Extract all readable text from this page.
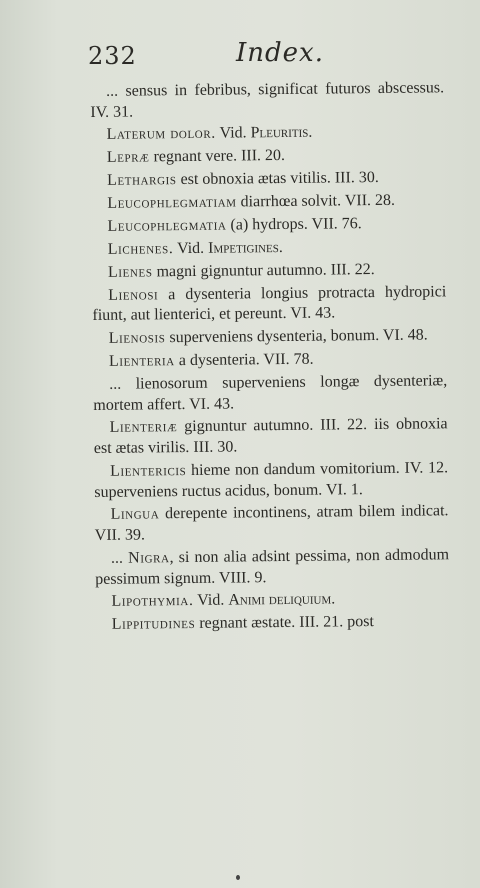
232	Index.

... sensus in febribus, significat futuros abscessus. IV. 31.

Laterum dolor. Vid. Pleuritis.

Lepræ regnant vere. III. 20.

Lethargis est obnoxia ætas vitilis. III. 30.

Leucophlegmatiam diarrhœa solvit. VII. 28.

Leucophlegmatia (a) hydrops. VII. 76.

Lichenes. Vid. Impetigines.

Lienes magni gignuntur autumno. III. 22.

Lienosi a dysenteria longius protracta hydropici fiunt, aut lienterici, et pereunt. VI. 43.

Lienosis superveniens dysenteria, bonum. VI. 48.

Lienteria a dysenteria. VII. 78.

... lienosorum superveniens longæ dysenteriæ, mortem affert. VI. 43.

Lienteriæ gignuntur autumno. III. 22. iis obnoxia est ætas virilis. III. 30.

Lientericis hieme non dandum vomitorium. IV. 12. superveniens ructus acidus, bonum. VI. 1.

Lingua derepente incontinens, atram bilem indicat. VII. 39.

... Nigra, si non alia adsint pessima, non admodum pessimum signum. VIII. 9.

Lipothymia. Vid. Animi deliquium.

Lippitudines regnant æstate. III. 21. post
